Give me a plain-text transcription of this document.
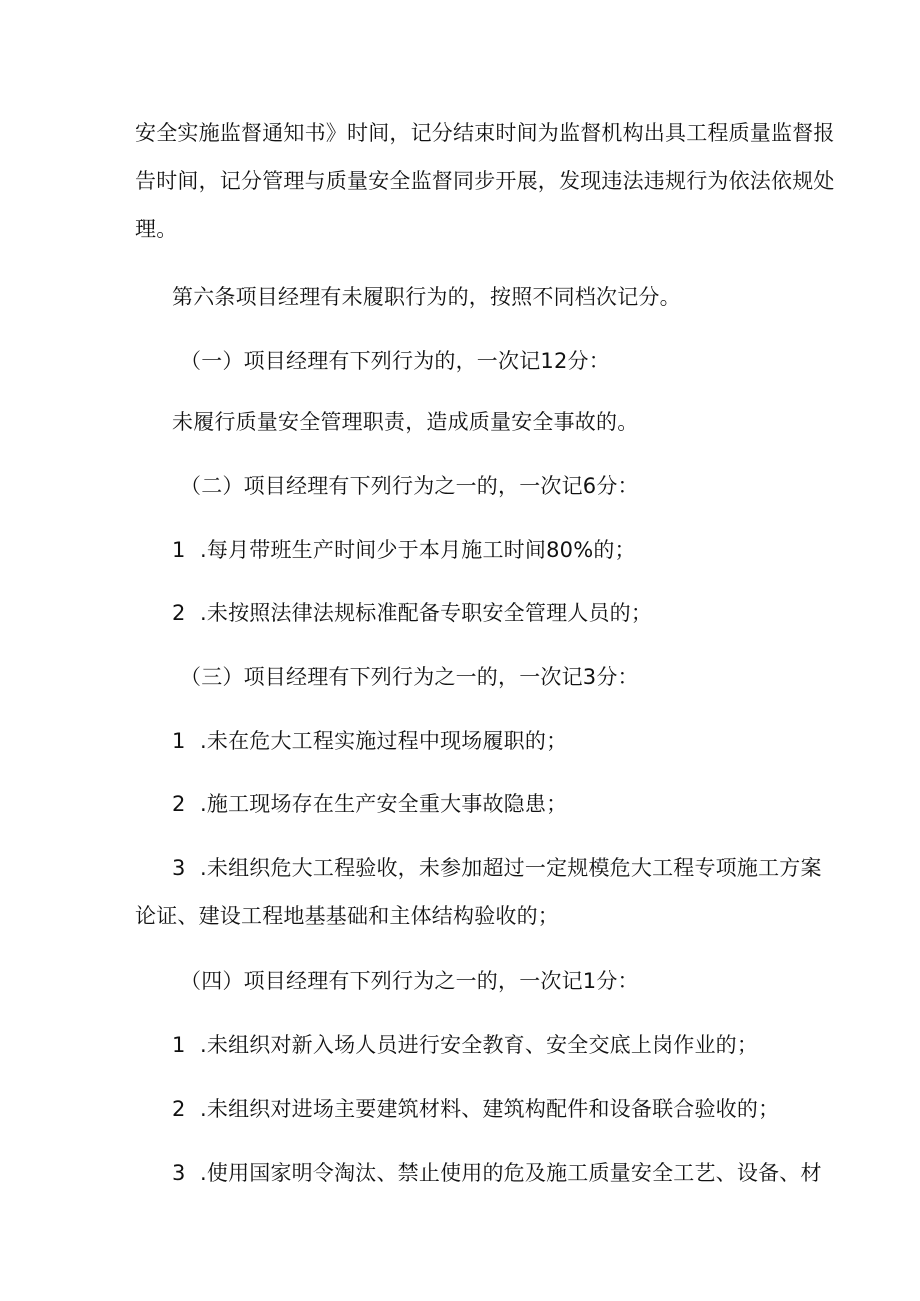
安全实施监督通知书》时间，记分结束时间为监督机构出具工程质量监督报
告时间，记分管理与质量安全监督同步开展，发现违法违规行为依法依规处
理。
第六条项目经理有未履职行为的，按照不同档次记分。
（一）项目经理有下列行为的，一次记12分：
未履行质量安全管理职责，造成质量安全事故的。
（二）项目经理有下列行为之一的，一次记6分：
1 .每月带班生产时间少于本月施工时间80%的；
2 .未按照法律法规标准配备专职安全管理人员的；
（三）项目经理有下列行为之一的，一次记3分：
1 .未在危大工程实施过程中现场履职的；
2 .施工现场存在生产安全重大事故隐患；
3 .未组织危大工程验收，未参加超过一定规模危大工程专项施工方案
论证、建设工程地基基础和主体结构验收的；
（四）项目经理有下列行为之一的，一次记1分：
1 .未组织对新入场人员进行安全教育、安全交底上岗作业的；
2 .未组织对进场主要建筑材料、建筑构配件和设备联合验收的；
3 .使用国家明令淘汰、禁止使用的危及施工质量安全工艺、设备、材
